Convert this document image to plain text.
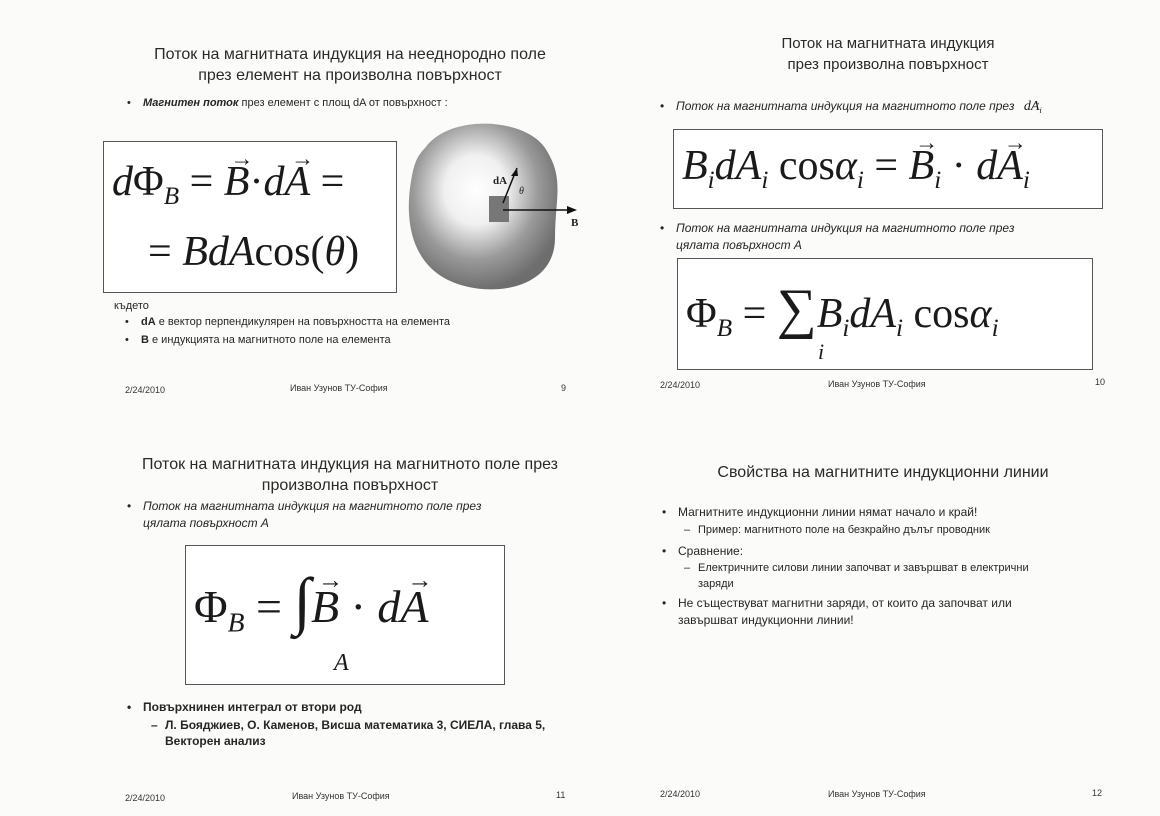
Поток на магнитната индукция на нееднородно поле
през елемент на произволна повърхност
• Магнитен поток през елемент с площ dA от повърхност :
$d\Phi_B$ = → B·d→ A =
= BdAcos(θ)
dA
θ
B
където
• dA е вектор перпендикулярен на повърхността на елемента
• B е индукцията на магнитното поле на елемента
2/24/2010	Иван Узунов ТУ-София	9
Поток на магнитната индукция
през произволна повърхност
• Поток на магнитната индукция на магнитното поле през $d\to A_i$
$B_idA_i$ cosα$_i$ = → $B_i \cdot d\to A_i$
• Поток на магнитната индукция на магнитното поле през
цялата повърхност A
$\Phi_B = \sum B_idA_i$ cosα$_i$
i
2/24/2010	Иван Узунов ТУ-София	10
Поток на магнитната индукция на магнитното поле през
произволна повърхност
• Поток на магнитната индукция на магнитното поле през
цялата повърхност A
$\Phi_B$ = ∫→ B · d→ A
A
• Повърхнинен интеграл от втори род
– Л. Бояджиев, О. Каменов, Висша математика 3, СИЕЛА, глава 5,
Векторен анализ
2/24/2010	Иван Узунов ТУ-София	11
Свойства на магнитните индукционни линии
• Магнитните индукционни линии нямат начало и край!
– Пример: магнитното поле на безкрайно дълъг проводник
• Сравнение:
– Електричните силови линии започват и завършват в електрични
заряди
• Не съществуват магнитни заряди, от които да започват или
завършват индукционни линии!
2/24/2010	Иван Узунов ТУ-София	12
